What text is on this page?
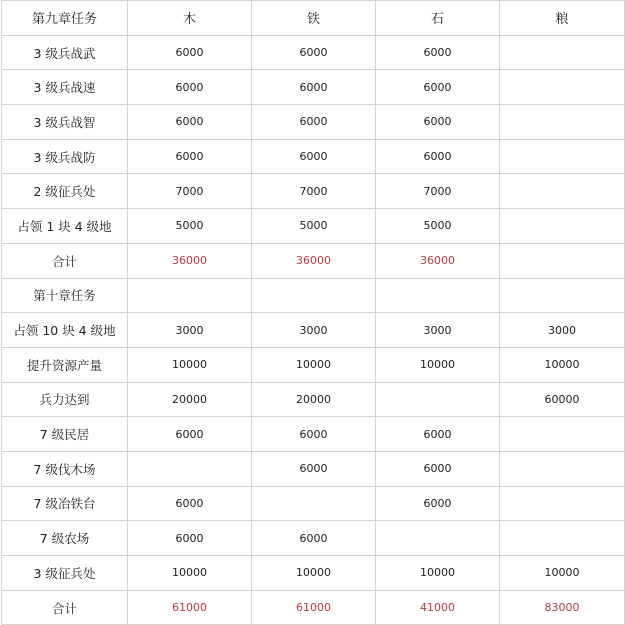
第九章任务	木	铁	石	粮
3 级兵战武	6000	6000	6000	
3 级兵战速	6000	6000	6000	
3 级兵战智	6000	6000	6000	
3 级兵战防	6000	6000	6000	
2 级征兵处	7000	7000	7000	
占领 1 块 4 级地	5000	5000	5000	
合计	36000	36000	36000	
第十章任务				
占领 10 块 4 级地	3000	3000	3000	3000
提升资源产量	10000	10000	10000	10000
兵力达到	20000	20000		60000
7 级民居	6000	6000	6000	
7 级伐木场		6000	6000	
7 级冶铁台	6000		6000	
7 级农场	6000	6000		
3 级征兵处	10000	10000	10000	10000
合计	61000	61000	41000	83000
